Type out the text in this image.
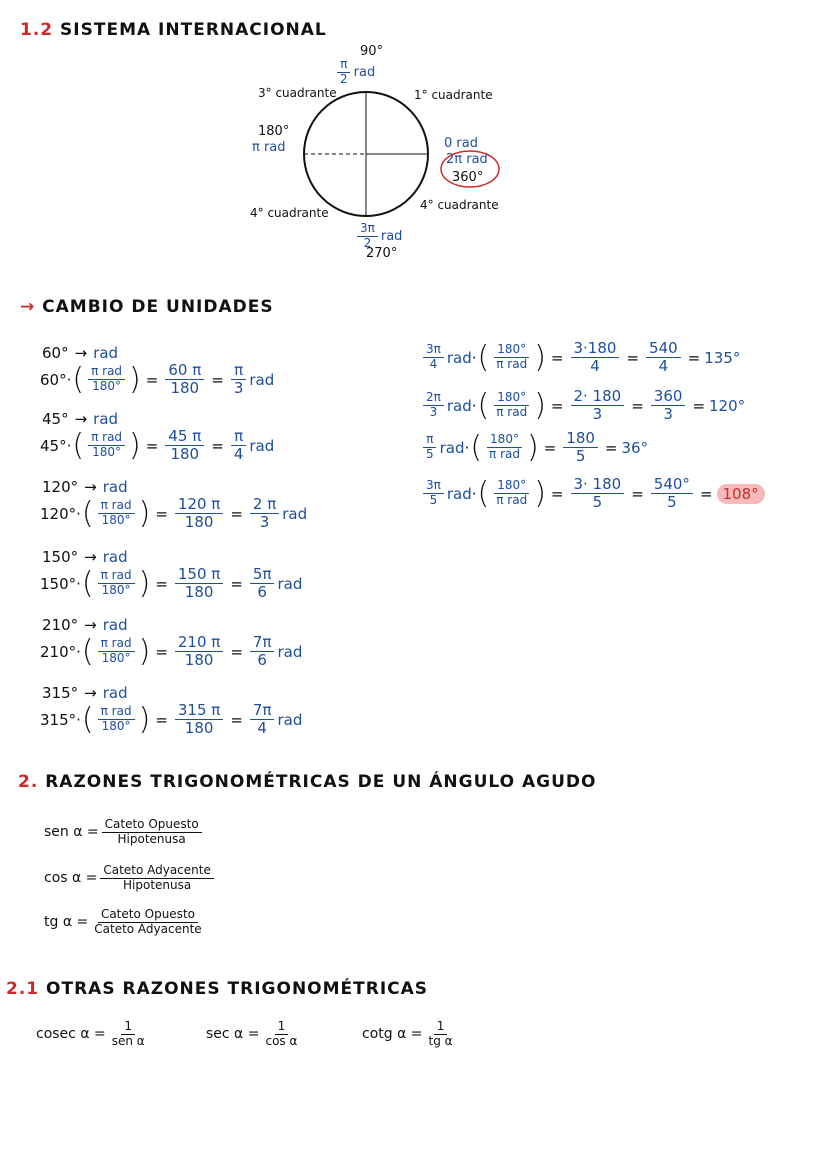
1.2 SISTEMA INTERNACIONAL
90°
$\frac{\pi}{2}$ rad
3° cuadrante	1° cuadrante
4° cuadrante
4° cuadrante
180°
π rad	0 rad
2π rad
360°
$\frac{3\pi}{2}$ rad
270°
→ CAMBIO DE UNIDADES
60° → rad
60° · ( $\frac{\text{π rad}}{180^\circ}$ ) = $\frac{60 \pi}{180} = \frac{\pi}{3}$ rad
45° → rad
45° · ( $\frac{\text{π rad}}{180^\circ}$ ) = $\frac{45 \pi}{180} = \frac{\pi}{4}$ rad
120° → rad
120° · ( $\frac{\text{π rad}}{180^\circ}$ ) = $\frac{120 \pi}{180} = \frac{2 \pi}{3}$ rad
150° → rad
150° · ( $\frac{\text{π rad}}{180^\circ}$ ) = $\frac{150 \pi}{180} = \frac{5\pi}{6}$ rad
210° → rad
210° · ( $\frac{\text{π rad}}{180^\circ}$ ) = $\frac{210 \pi}{180} = \frac{7\pi}{6}$ rad
315° → rad
315° · ( $\frac{\text{π rad}}{180^\circ}$ ) = $\frac{315 \pi}{180} = \frac{7\pi}{4}$ rad
$\frac{3\pi}{4}$ rad · ( $\frac{180^\circ}{\text{π rad}}$ ) = $\frac{3\cdot 180}{4} = \frac{540}{4} = 135^\circ$
$\frac{2\pi}{3}$ rad · ( $\frac{180^\circ}{\text{π rad}}$ ) = $\frac{2\cdot 180}{3} = \frac{360}{3} = 120^\circ$
$\frac{\pi}{5}$ rad · ( $\frac{180^\circ}{\text{π rad}}$ ) = $\frac{180}{5} = 36^\circ$
$\frac{3\pi}{5}$ rad · ( $\frac{180^\circ}{\text{π rad}}$ ) = $\frac{3\cdot 180}{5} = \frac{540^\circ}{5} = 108^\circ$
2. RAZONES TRIGONOMÉTRICAS DE UN ÁNGULO AGUDO
sen $\alpha = \frac{\text{Cateto Opuesto}}{\text{Hipotenusa}}$
$\cos \alpha = \frac{\text{Cateto Adyacente}}{\text{Hipotenusa}}$
tg $\alpha = \frac{\text{Cateto Opuesto}}{\text{Cateto Adyacente}}$
2.1 OTRAS RAZONES TRIGONOMÉTRICAS
cosec $\alpha = \frac{1}{\text{sen α}}$	$\sec \alpha = \frac{1}{\text{cos α}}$	cotg $\alpha = \frac{1}{\text{tg α}}$
